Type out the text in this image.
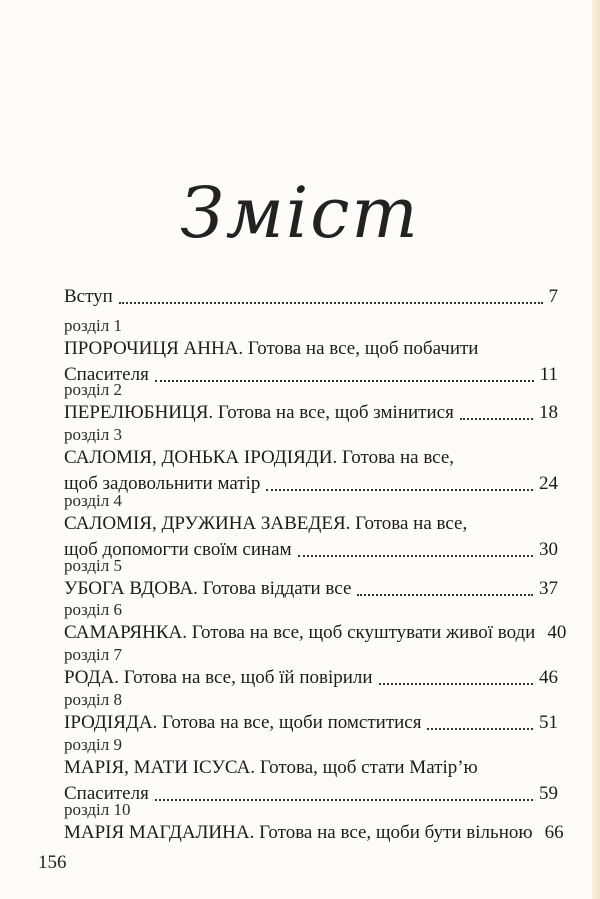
Зміст
Вступ	7
розділ 1
ПРОРОЧИЦЯ АННА. Готова на все, щоб побачити
Спасителя	11
розділ 2
ПЕРЕЛЮБНИЦЯ. Готова на все, щоб змінитися	18
розділ 3
САЛОМІЯ, ДОНЬКА ІРОДІЯДИ. Готова на все,
щоб задовольнити матір	24
розділ 4
САЛОМІЯ, ДРУЖИНА ЗАВЕДЕЯ. Готова на все,
щоб допомогти своїм синам	30
розділ 5
УБОГА ВДОВА. Готова віддати все	37
розділ 6
САМАРЯНКА. Готова на все, щоб скуштувати живої води 40
розділ 7
РОДА. Готова на все, щоб їй повірили	46
розділ 8
ІРОДІЯДА. Готова на все, щоби помститися	51
розділ 9
МАРІЯ, МАТИ ІСУСА. Готова, щоб стати Матір’ю
Спасителя	59
розділ 10
МАРІЯ МАГДАЛИНА. Готова на все, щоби бути вільною 66
156
